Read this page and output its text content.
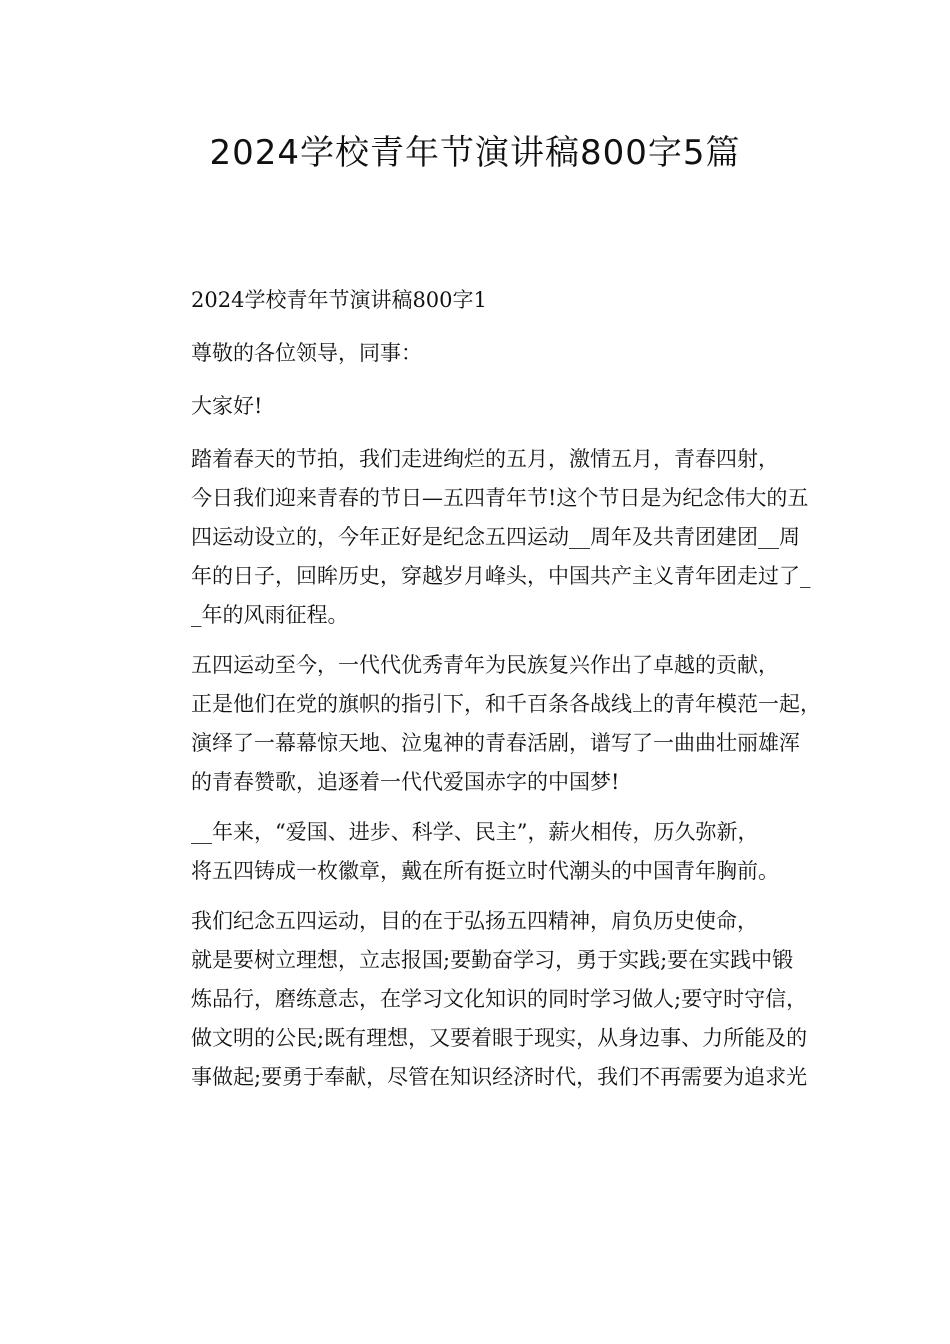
2024学校青年节演讲稿800字5篇

2024学校青年节演讲稿800字1

尊敬的各位领导，同事：

大家好!

踏着春天的节拍，我们走进绚烂的五月，激情五月，青春四射，
今日我们迎来青春的节日—五四青年节!这个节日是为纪念伟大的五
四运动设立的，今年正好是纪念五四运动__周年及共青团建团__周
年的日子，回眸历史，穿越岁月峰头，中国共产主义青年团走过了_
_年的风雨征程。

五四运动至今，一代代优秀青年为民族复兴作出了卓越的贡献，
正是他们在党的旗帜的指引下，和千百条各战线上的青年模范一起，
演绎了一幕幕惊天地、泣鬼神的青春活剧，谱写了一曲曲壮丽雄浑
的青春赞歌，追逐着一代代爱国赤字的中国梦!

__年来，“爱国、进步、科学、民主”，薪火相传，历久弥新，
将五四铸成一枚徽章，戴在所有挺立时代潮头的中国青年胸前。

我们纪念五四运动，目的在于弘扬五四精神，肩负历史使命，
就是要树立理想，立志报国;要勤奋学习，勇于实践;要在实践中锻
炼品行，磨练意志，在学习文化知识的同时学习做人;要守时守信，
做文明的公民;既有理想，又要着眼于现实，从身边事、力所能及的
事做起;要勇于奉献，尽管在知识经济时代，我们不再需要为追求光
